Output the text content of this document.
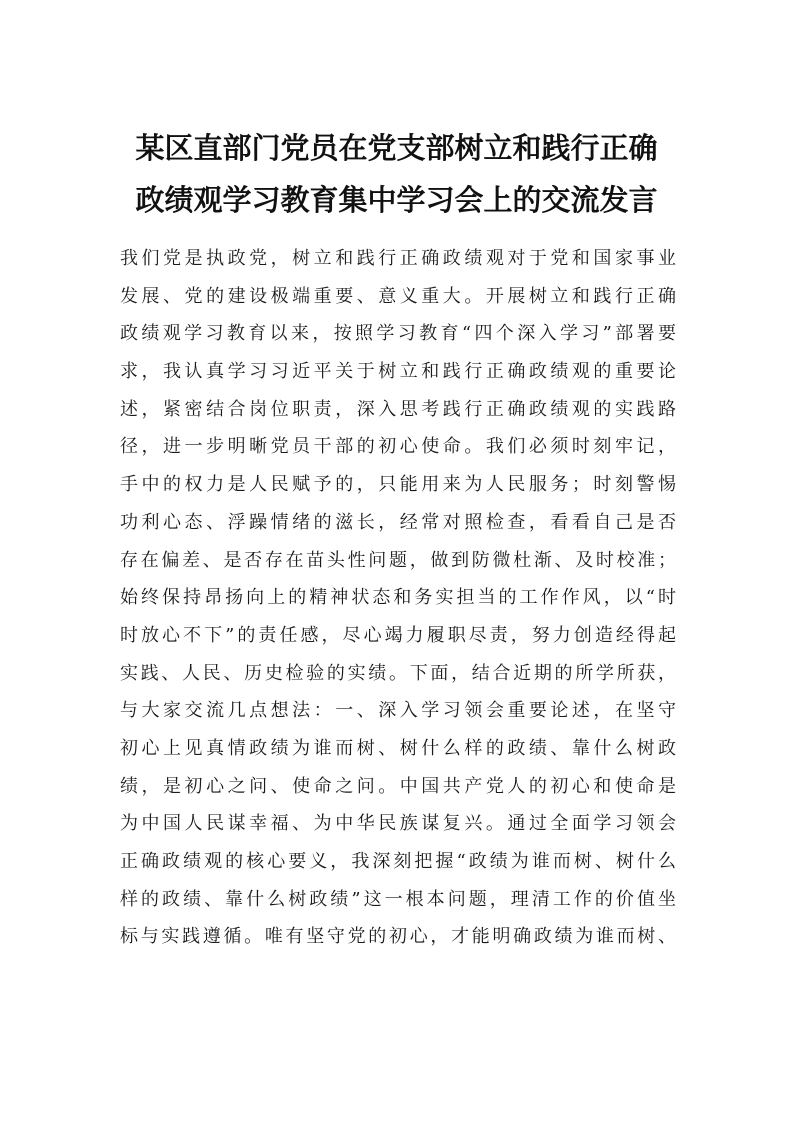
某区直部门党员在党支部树立和践行正确
政绩观学习教育集中学习会上的交流发言
我们党是执政党，树立和践行正确政绩观对于党和国家事业
发展、党的建设极端重要、意义重大。开展树立和践行正确
政绩观学习教育以来，按照学习教育“四个深入学习”部署要
求，我认真学习习近平关于树立和践行正确政绩观的重要论
述，紧密结合岗位职责，深入思考践行正确政绩观的实践路
径，进一步明晰党员干部的初心使命。我们必须时刻牢记，
手中的权力是人民赋予的，只能用来为人民服务；时刻警惕
功利心态、浮躁情绪的滋长，经常对照检查，看看自己是否
存在偏差、是否存在苗头性问题，做到防微杜渐、及时校准；
始终保持昂扬向上的精神状态和务实担当的工作作风，以“时
时放心不下”的责任感，尽心竭力履职尽责，努力创造经得起
实践、人民、历史检验的实绩。下面，结合近期的所学所获，
与大家交流几点想法：一、深入学习领会重要论述，在坚守
初心上见真情政绩为谁而树、树什么样的政绩、靠什么树政
绩，是初心之问、使命之问。中国共产党人的初心和使命是
为中国人民谋幸福、为中华民族谋复兴。通过全面学习领会
正确政绩观的核心要义，我深刻把握“政绩为谁而树、树什么
样的政绩、靠什么树政绩”这一根本问题，理清工作的价值坐
标与实践遵循。唯有坚守党的初心，才能明确政绩为谁而树、
